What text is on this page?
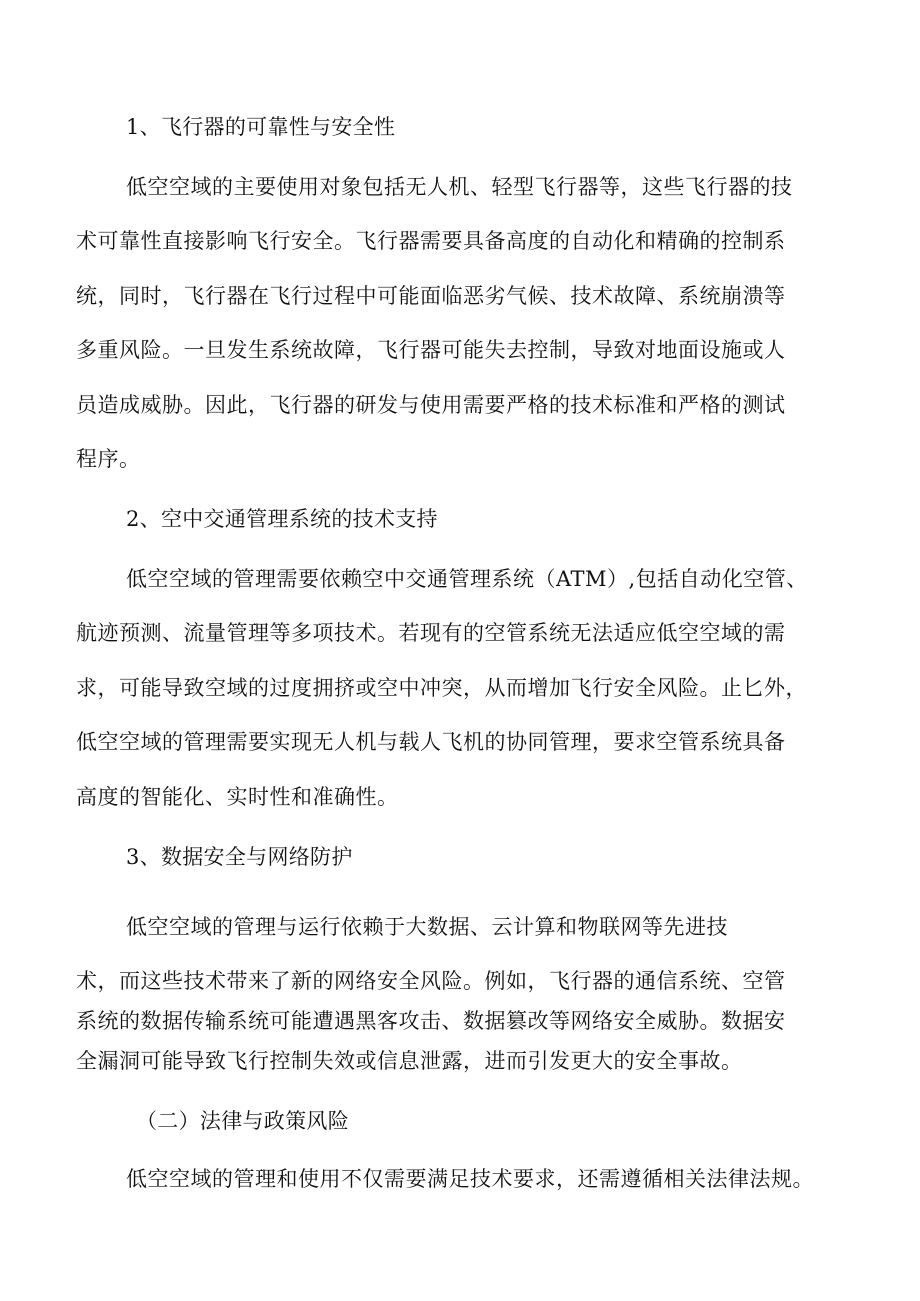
1、飞行器的可靠性与安全性
低空空域的主要使用对象包括无人机、轻型飞行器等，这些飞行器的技
术可靠性直接影响飞行安全。飞行器需要具备高度的自动化和精确的控制系
统，同时，飞行器在飞行过程中可能面临恶劣气候、技术故障、系统崩溃等
多重风险。一旦发生系统故障，飞行器可能失去控制，导致对地面设施或人
员造成威胁。因此，飞行器的研发与使用需要严格的技术标准和严格的测试
程序。
2、空中交通管理系统的技术支持
低空空域的管理需要依赖空中交通管理系统（ATM）,包括自动化空管、
航迹预测、流量管理等多项技术。若现有的空管系统无法适应低空空域的需
求，可能导致空域的过度拥挤或空中冲突，从而增加飞行安全风险。止匕外，
低空空域的管理需要实现无人机与载人飞机的协同管理，要求空管系统具备
高度的智能化、实时性和准确性。
3、数据安全与网络防护
低空空域的管理与运行依赖于大数据、云计算和物联网等先进技
术，而这些技术带来了新的网络安全风险。例如，飞行器的通信系统、空管
系统的数据传输系统可能遭遇黑客攻击、数据篡改等网络安全威胁。数据安
全漏洞可能导致飞行控制失效或信息泄露，进而引发更大的安全事故。
（二）法律与政策风险
低空空域的管理和使用不仅需要满足技术要求，还需遵循相关法律法规。
